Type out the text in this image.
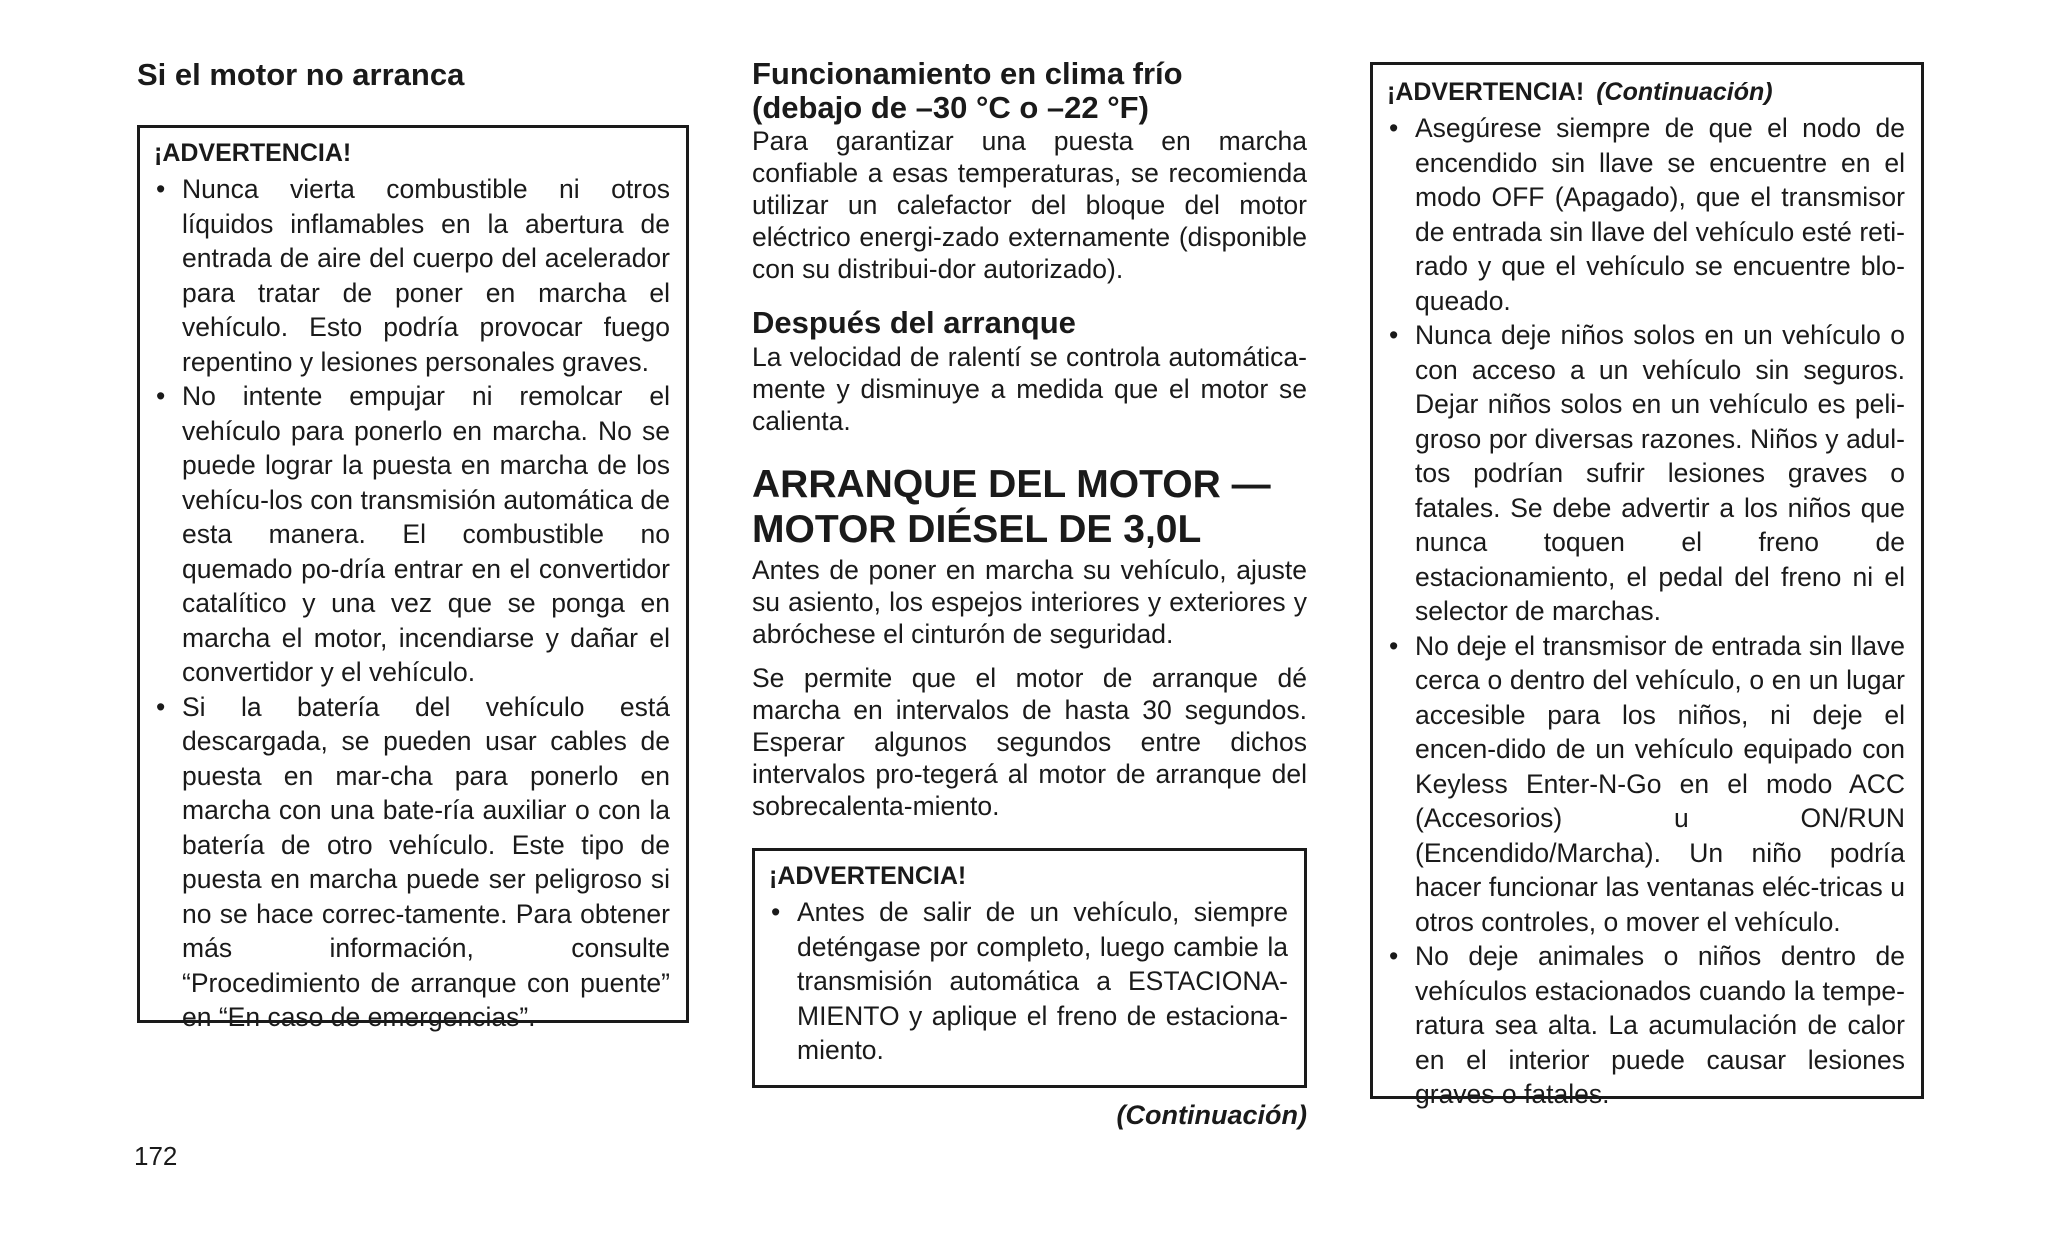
Si el motor no arranca

¡ADVERTENCIA!

• Nunca vierta combustible ni otros líquidos inflamables en la abertura de entrada de aire del cuerpo del acelerador para tratar de poner en marcha el vehículo. Esto podría provocar fuego repentino y lesiones personales graves.
• No intente empujar ni remolcar el vehículo para ponerlo en marcha. No se puede lograr la puesta en marcha de los vehícu-los con transmisión automática de esta manera. El combustible no quemado po-dría entrar en el convertidor catalítico y una vez que se ponga en marcha el motor, incendiarse y dañar el convertidor y el vehículo.
• Si la batería del vehículo está descargada, se pueden usar cables de puesta en mar-cha para ponerlo en marcha con una bate-ría auxiliar o con la batería de otro vehículo. Este tipo de puesta en marcha puede ser peligroso si no se hace correc-tamente. Para obtener más información, consulte “Procedimiento de arranque con puente” en “En caso de emergencias”.

Funcionamiento en clima frío

(debajo de –30 °C o –22 °F)

Para garantizar una puesta en marcha confiable a esas temperaturas, se recomienda utilizar un calefactor del bloque del motor eléctrico energi-zado externamente (disponible con su distribui-dor autorizado).

Después del arranque

La velocidad de ralentí se controla automática-mente y disminuye a medida que el motor se calienta.

ARRANQUE DEL MOTOR —

MOTOR DIÉSEL DE 3,0L

Antes de poner en marcha su vehículo, ajuste su asiento, los espejos interiores y exteriores y abróchese el cinturón de seguridad.

Se permite que el motor de arranque dé marcha en intervalos de hasta 30 segundos. Esperar algunos segundos entre dichos intervalos pro-tegerá al motor de arranque del sobrecalenta-miento.

¡ADVERTENCIA!

• Antes de salir de un vehículo, siempre deténgase por completo, luego cambie la transmisión automática a ESTACIONA-MIENTO y aplique el freno de estaciona-miento.
(Continuación)

¡ADVERTENCIA! (Continuación)

• Asegúrese siempre de que el nodo de encendido sin llave se encuentre en el modo OFF (Apagado), que el transmisor de entrada sin llave del vehículo esté reti-rado y que el vehículo se encuentre blo-queado.
• Nunca deje niños solos en un vehículo o con acceso a un vehículo sin seguros. Dejar niños solos en un vehículo es peli-groso por diversas razones. Niños y adul-tos podrían sufrir lesiones graves o fatales. Se debe advertir a los niños que nunca toquen el freno de estacionamiento, el pedal del freno ni el selector de marchas.
• No deje el transmisor de entrada sin llave cerca o dentro del vehículo, o en un lugar accesible para los niños, ni deje el encen-dido de un vehículo equipado con Keyless Enter-N-Go en el modo ACC (Accesorios) u ON/RUN (Encendido/Marcha). Un niño podría hacer funcionar las ventanas eléc-tricas u otros controles, o mover el vehículo.
• No deje animales o niños dentro de vehículos estacionados cuando la tempe-ratura sea alta. La acumulación de calor en el interior puede causar lesiones graves o fatales.
172
